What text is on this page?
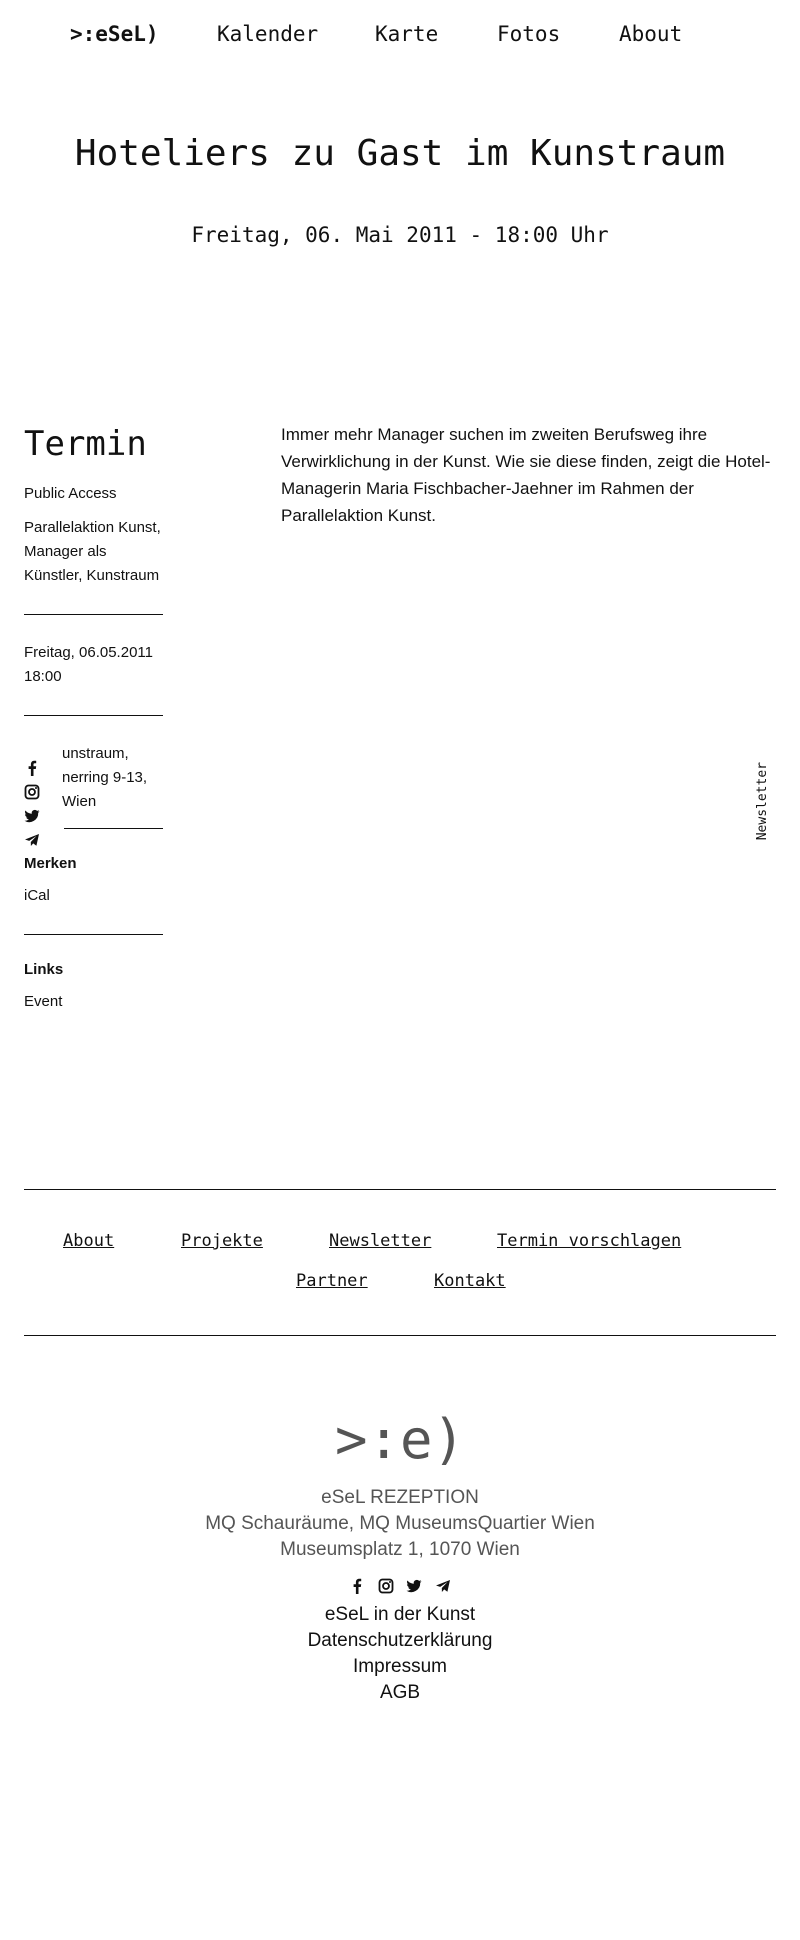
>:eSeL)	Kalender	Karte	Fotos	About
Hoteliers zu Gast im Kunstraum

Freitag, 06. Mai 2011 - 18:00 Uhr

Termin

Public Access

Parallelaktion Kunst, Manager als Künstler, Kunstraum

Freitag, 06.05.2011

18:00

unstraum,

nerring 9-13,

Wien

Merken

iCal

Links

Event

Immer mehr Manager suchen im zweiten Berufsweg ihre Verwirklichung in der Kunst. Wie sie diese finden, zeigt die Hotel-Managerin Maria Fischbacher-Jaehner im Rahmen der Parallelaktion Kunst.

Newsletter
About	Projekte	Newsletter	Termin vorschlagen
Partner	Kontakt
>:e)
eSeL REZEPTION
MQ Schauräume, MQ MuseumsQuartier Wien
Museumsplatz 1, 1070 Wien

eSeL in der Kunst
Datenschutzerklärung
Impressum
AGB
